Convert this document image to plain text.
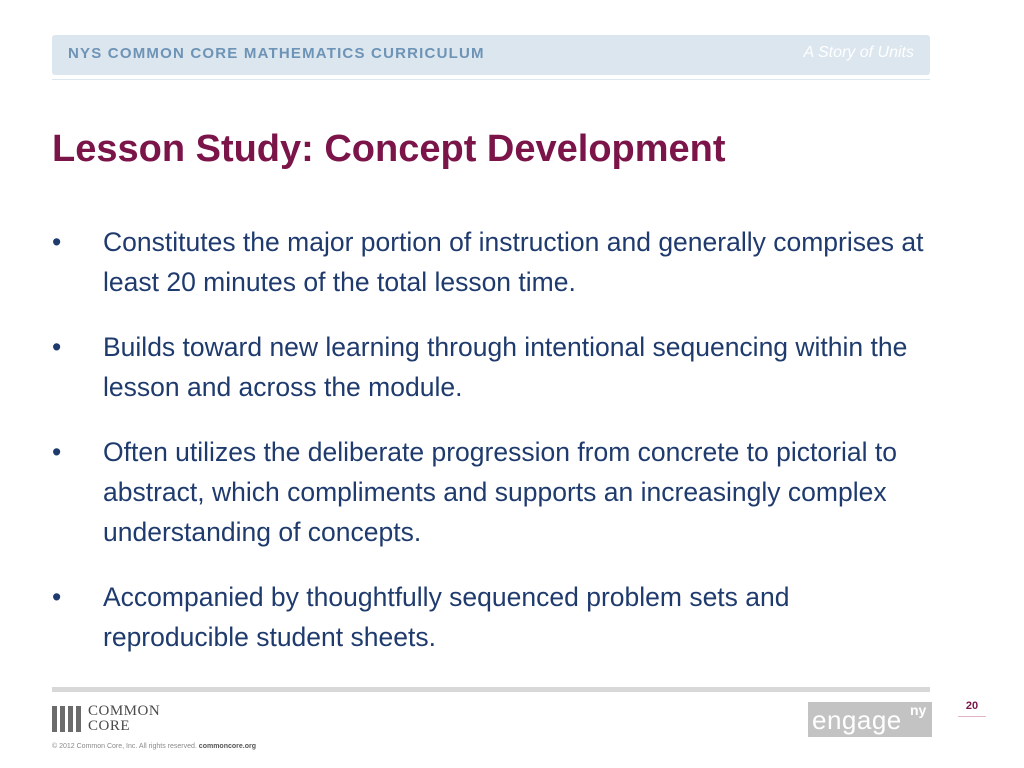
NYS COMMON CORE MATHEMATICS CURRICULUM	A Story of Units
Lesson Study: Concept Development
•	Constitutes the major portion of instruction and generally comprises at least 20 minutes of the total lesson time.
•	Builds toward new learning through intentional sequencing within the lesson and across the module.
•	Often utilizes the deliberate progression from concrete to pictorial to abstract, which compliments and supports an increasingly complex understanding of concepts.
•	Accompanied by thoughtfully sequenced problem sets and reproducible student sheets.
COMMON
CORE
© 2012 Common Core, Inc. All rights reserved. commoncore.org
engage ny	20
